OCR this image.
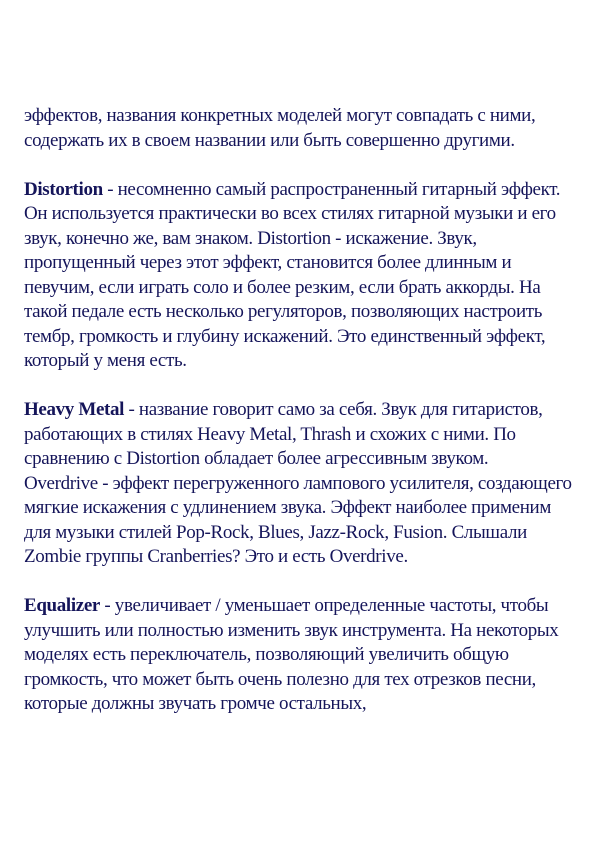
эффектов, названия конкретных моделей могут совпадать с ними, содержать их в своем названии или быть совершенно другими.

Distortion - несомненно самый распространенный гитарный эффект. Он используется практически во всех стилях гитарной музыки и его звук, конечно же, вам знаком. Distortion - искажение. Звук, пропущенный через этот эффект, становится более длинным и певучим, если играть соло и более резким, если брать аккорды. На такой педале есть несколько регуляторов, позволяющих настроить тембр, громкость и глубину искажений. Это единственный эффект, который у меня есть.

Heavy Metal - название говорит само за себя. Звук для гитаристов, работающих в стилях Heavy Metal, Thrash и схожих с ними. По сравнению с Distortion обладает более агрессивным звуком.

Overdrive - эффект перегруженного лампового усилителя, создающего мягкие искажения с удлинением звука. Эффект наиболее применим для музыки стилей Pop-Rock, Blues, Jazz-Rock, Fusion. Слышали Zombie группы Cranberries? Это и есть Overdrive.

Equalizer - увеличивает / уменьшает определенные частоты, чтобы улучшить или полностью изменить звук инструмента. На некоторых моделях есть переключатель, позволяющий увеличить общую громкость, что может быть очень полезно для тех отрезков песни, которые должны звучать громче остальных,
